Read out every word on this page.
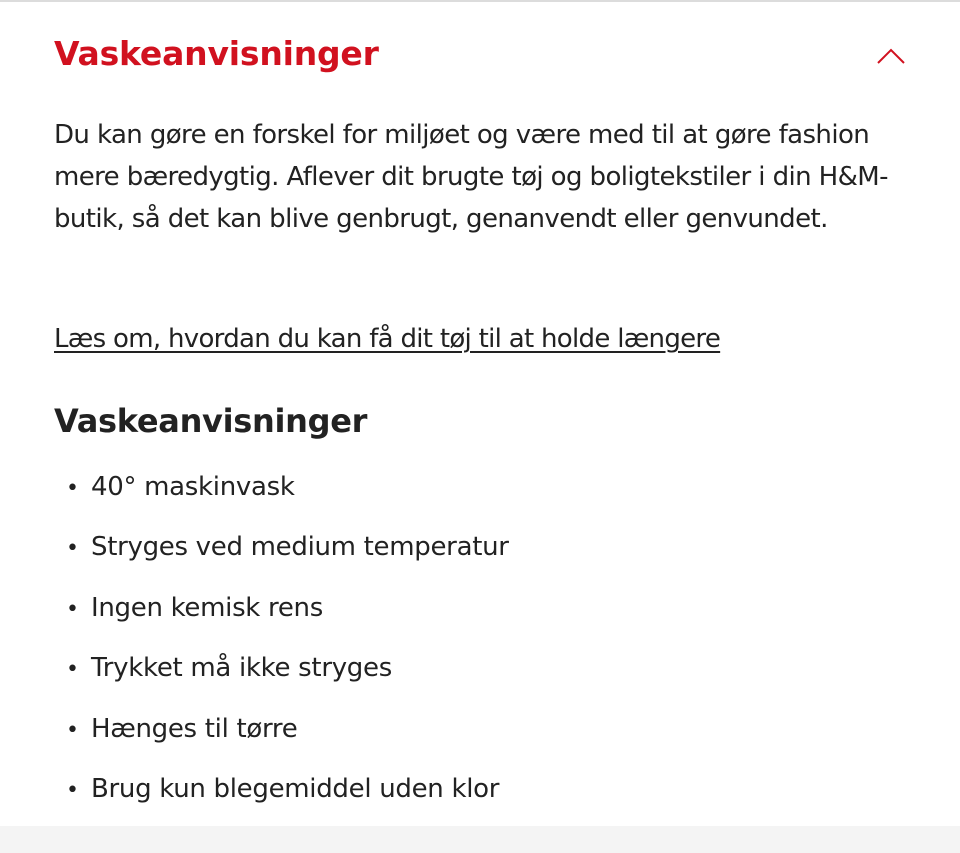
Vaskeanvisninger

Du kan gøre en forskel for miljøet og være med til at gøre fashion mere bæredygtig. Aflever dit brugte tøj og boligtekstiler i din H&M-butik, så det kan blive genbrugt, genanvendt eller genvundet.

Læs om, hvordan du kan få dit tøj til at holde længere
Vaskeanvisninger
• 40° maskinvask
• Stryges ved medium temperatur
• Ingen kemisk rens
• Trykket må ikke stryges
• Hænges til tørre
• Brug kun blegemiddel uden klor
